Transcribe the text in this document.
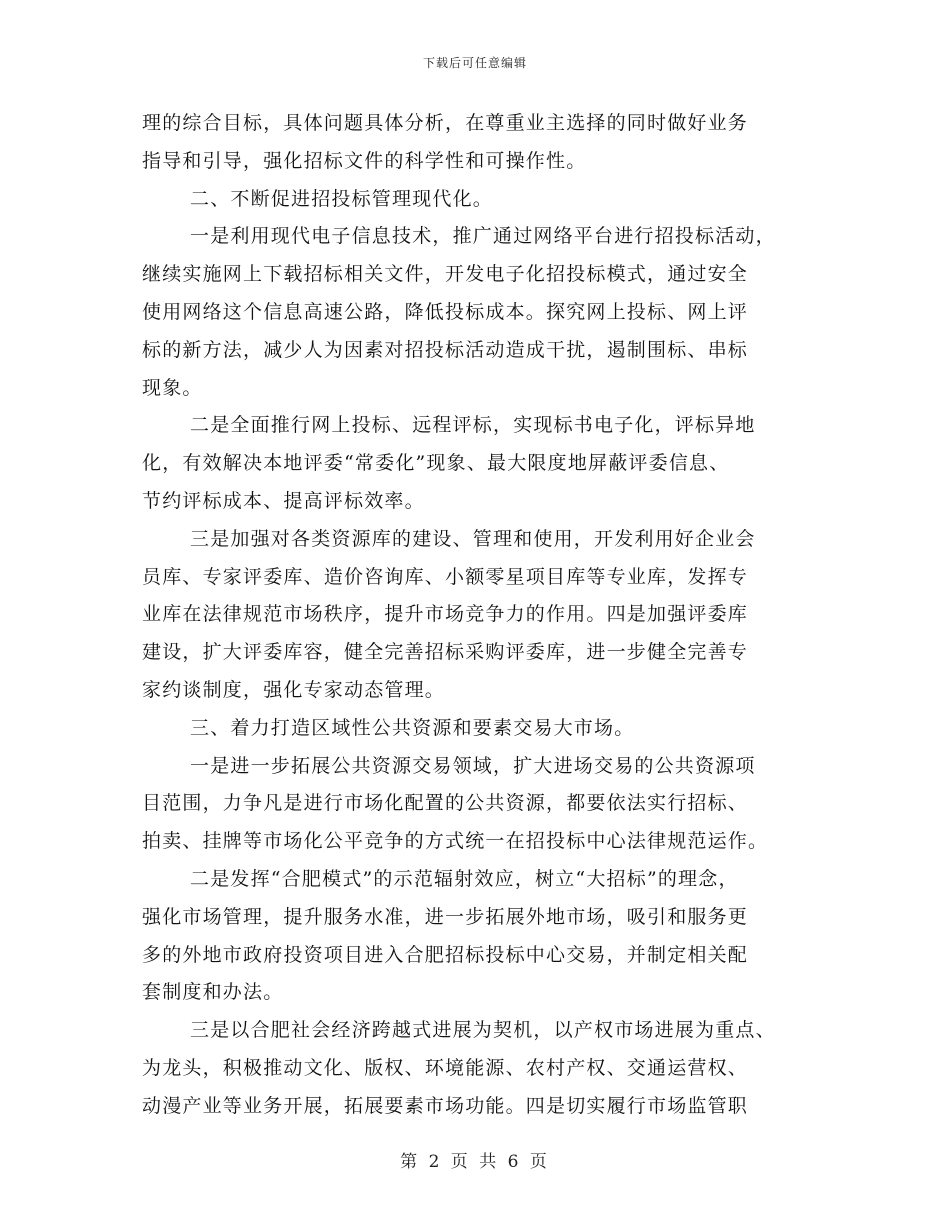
下载后可任意编辑
理的综合目标，具体问题具体分析，在尊重业主选择的同时做好业务
指导和引导，强化招标文件的科学性和可操作性。
二、不断促进招投标管理现代化。
一是利用现代电子信息技术，推广通过网络平台进行招投标活动，
继续实施网上下载招标相关文件，开发电子化招投标模式，通过安全
使用网络这个信息高速公路，降低投标成本。探究网上投标、网上评
标的新方法，减少人为因素对招投标活动造成干扰，遏制围标、串标
现象。
二是全面推行网上投标、远程评标，实现标书电子化，评标异地
化，有效解决本地评委“常委化”现象、最大限度地屏蔽评委信息、
节约评标成本、提高评标效率。
三是加强对各类资源库的建设、管理和使用，开发利用好企业会
员库、专家评委库、造价咨询库、小额零星项目库等专业库，发挥专
业库在法律规范市场秩序，提升市场竞争力的作用。四是加强评委库
建设，扩大评委库容，健全完善招标采购评委库，进一步健全完善专
家约谈制度，强化专家动态管理。
三、着力打造区域性公共资源和要素交易大市场。
一是进一步拓展公共资源交易领域，扩大进场交易的公共资源项
目范围，力争凡是进行市场化配置的公共资源，都要依法实行招标、
拍卖、挂牌等市场化公平竞争的方式统一在招投标中心法律规范运作。
二是发挥“合肥模式”的示范辐射效应，树立“大招标”的理念，
强化市场管理，提升服务水准，进一步拓展外地市场，吸引和服务更
多的外地市政府投资项目进入合肥招标投标中心交易，并制定相关配
套制度和办法。
三是以合肥社会经济跨越式进展为契机，以产权市场进展为重点、
为龙头，积极推动文化、版权、环境能源、农村产权、交通运营权、
动漫产业等业务开展，拓展要素市场功能。四是切实履行市场监管职
第 2 页 共 6 页
